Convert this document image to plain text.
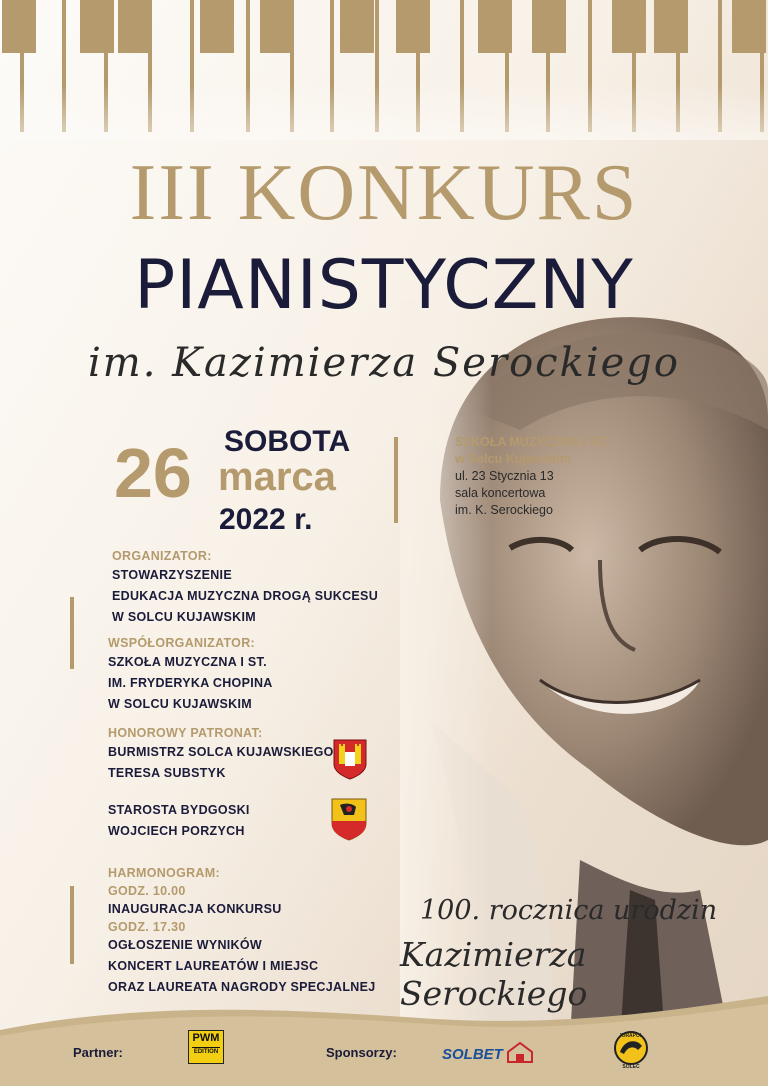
III KONKURS
PIANISTYCZNY
im. Kazimierza Serockiego
26 SOBOTA
marca
2022 r.
SZKOŁA MUZYCZNA I ST.
w Solcu Kujawskim
ul. 23 Stycznia 13
sala koncertowa
im. K. Serockiego
ORGANIZATOR:
STOWARZYSZENIE
EDUKACJA MUZYCZNA DROGĄ SUKCESU
W SOLCU KUJAWSKIM
WSPÓŁORGANIZATOR:
SZKOŁA MUZYCZNA I ST.
IM. FRYDERYKA CHOPINA
W SOLCU KUJAWSKIM
HONOROWY PATRONAT:
BURMISTRZ SOLCA KUJAWSKIEGO
TERESA SUBSTYK
STAROSTA BYDGOSKI
WOJCIECH PORZYCH
HARMONOGRAM:
GODZ. 10.00
INAUGURACJA KONKURSU
GODZ. 17.30
OGŁOSZENIE WYNIKÓW
KONCERT LAUREATÓW I MIEJSC
ORAZ LAUREATA NAGRODY SPECJALNEJ
100. rocznica urodzin
Kazimierza Serockiego
Partner:
PWM
EDITION	Sponsorzy:	SOLBET
SOLEC
JURAPOL
